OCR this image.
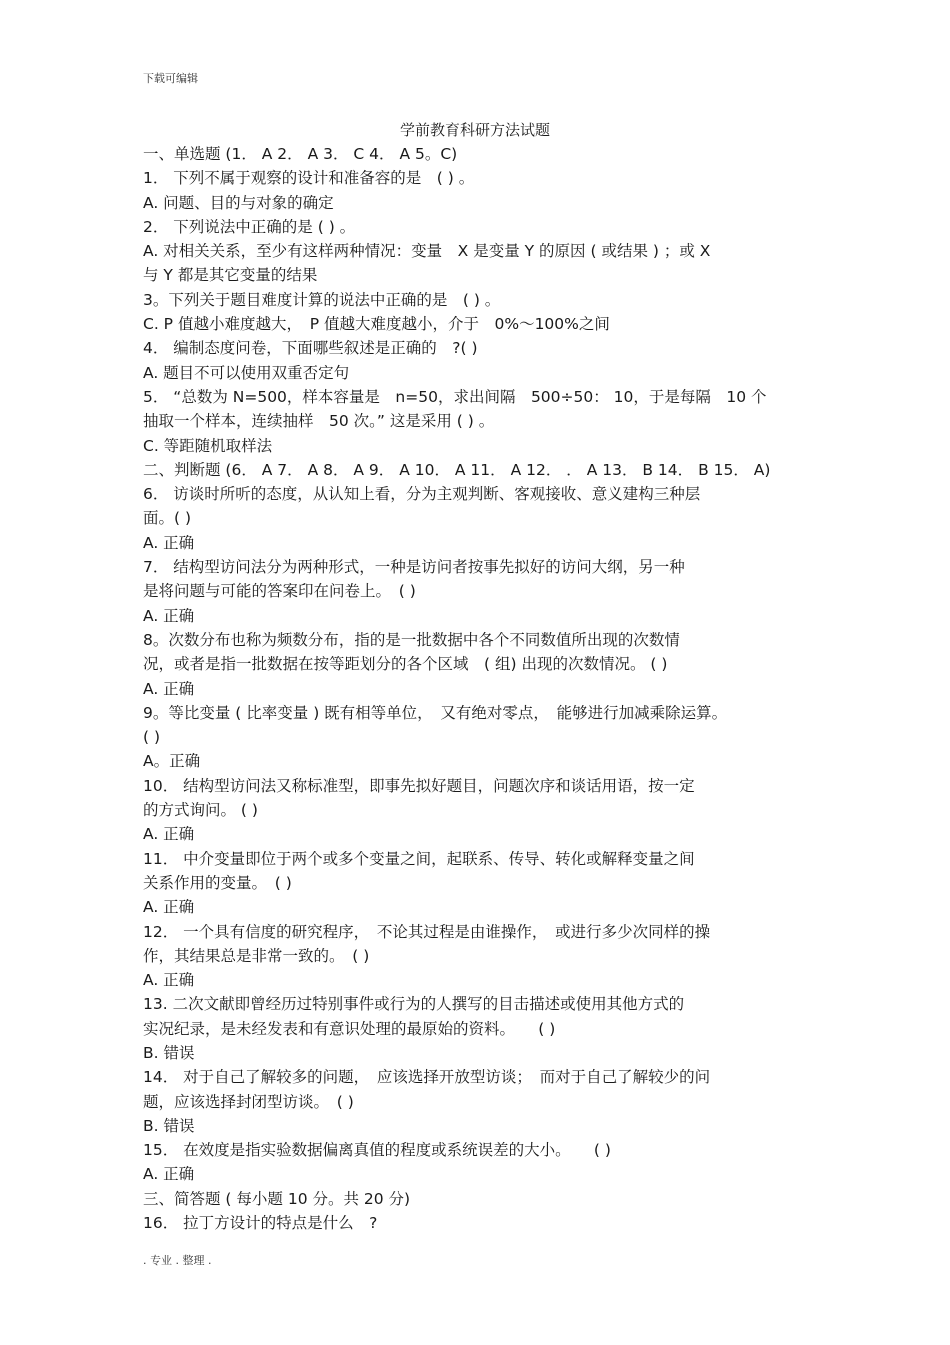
下载可编辑
学前教育科研方法试题
一、单选题 (1． A 2． A 3． C 4． A 5。C)
1． 下列不属于观察的设计和准备容的是　( ) 。
A. 问题、目的与对象的确定
2． 下列说法中正确的是 ( ) 。
A. 对相关关系，至少有这样两种情况：变量　X 是变量 Y 的原因 ( 或结果 ) ；或 X
与 Y 都是其它变量的结果
3。下列关于题目难度计算的说法中正确的是　( ) 。
C. P 值越小难度越大，　P 值越大难度越小，介于　0%～100%之间
4． 编制态度问卷，下面哪些叙述是正确的　?( )
A. 题目不可以使用双重否定句
5． “总数为 N=500，样本容量是　n=50，求出间隔　500÷50： 10，于是每隔　10 个
抽取一个样本，连续抽样　50 次。” 这是采用 ( ) 。
C. 等距随机取样法
二、判断题 (6． A 7． A 8． A 9． A 10． A 11． A 12． ． A 13． B 14． B 15． A)
6． 访谈时所听的态度，从认知上看，分为主观判断、客观接收、意义建构三种层
面。( )
A. 正确
7． 结构型访问法分为两种形式，一种是访问者按事先拟好的访问大纲，另一种
是将问题与可能的答案印在问卷上。　( )
A. 正确
8。次数分布也称为频数分布，指的是一批数据中各个不同数值所出现的次数情
况，或者是指一批数据在按等距划分的各个区域　( 组) 出现的次数情况。 ( )
A. 正确
9。等比变量 ( 比率变量 ) 既有相等单位，　又有绝对零点，　能够进行加减乘除运算。
( )
A。正确
10． 结构型访问法又称标准型，即事先拟好题目，问题次序和谈话用语，按一定
的方式询问。 ( )
A. 正确
11． 中介变量即位于两个或多个变量之间，起联系、传导、转化或解释变量之间
关系作用的变量。　( )
A. 正确
12． 一个具有信度的研究程序，　不论其过程是由谁操作，　或进行多少次同样的操
作，其结果总是非常一致的。　( )
A. 正确
13. 二次文献即曾经历过特别事件或行为的人撰写的目击描述或使用其他方式的
实况纪录，是未经发表和有意识处理的最原始的资料。　　( )
B. 错误
14． 对于自己了解较多的问题，　应该选择开放型访谈；　而对于自己了解较少的问
题，应该选择封闭型访谈。　( )
B. 错误
15． 在效度是指实验数据偏离真值的程度或系统误差的大小。　　( )
A. 正确
三、简答题 ( 每小题 10 分。共 20 分)
16． 拉丁方设计的特点是什么　?
. 专业 . 整理 .
